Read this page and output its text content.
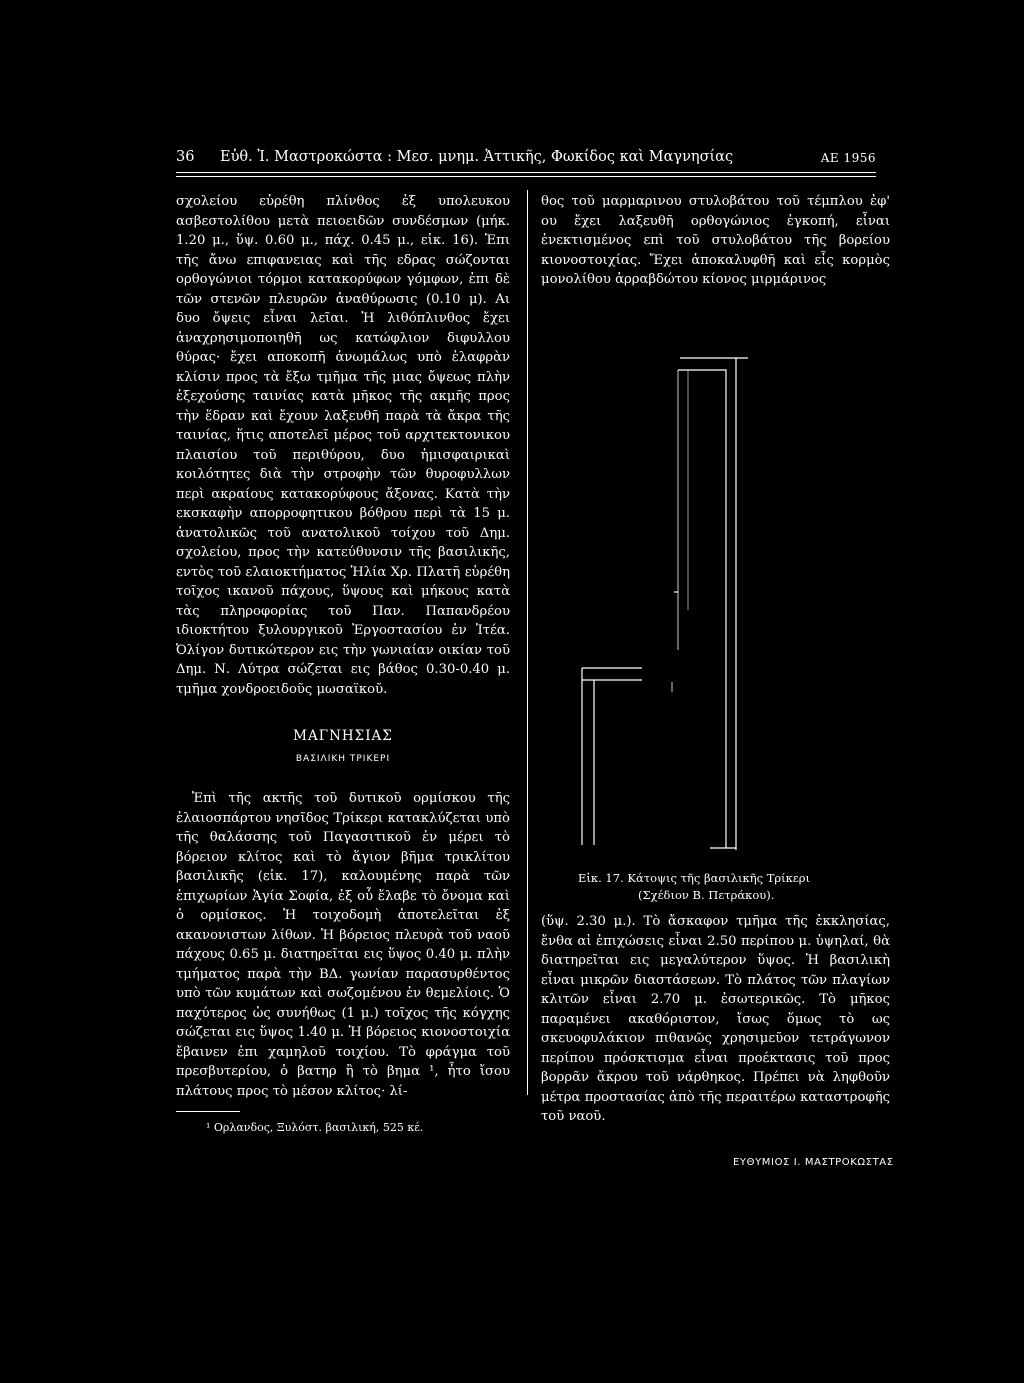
36 Εὐθ. Ἰ. Μαστροκώστα : Μεσ. μνημ. Ἀττικῆς, Φωκίδος καὶ Μαγνησίας	ΑΕ 1956

σχολείου εὑρέθη πλίνθος ἐξ υπολευκου ασβεστολίθου μετὰ πειοειδῶν συνδέσμων (μήκ. 1.20 μ., ὕψ. 0.60 μ., πάχ. 0.45 μ., εἰκ. 16). Ἐπι τῆς ἄνω επιφανειας καὶ τῆς εδρας σώζονται ορθογώνιοι τόρμοι κατακορύφων γόμφων, ἐπι δὲ τῶν στενῶν πλευρῶν ἀναθύρωσις (0.10 μ). Αι δυο ὄψεις εἶναι λεῖαι. Ἡ λιθόπλινθος ἔχει ἀναχρησιμοποιηθῆ ως κατώφλιον διφυλλου θύρας· ἔχει αποκοπῆ ἀνωμάλως υπὸ ἐλαφρὰν κλίσιν προς τὰ ἔξω τμῆμα τῆς μιας ὄψεως πλὴν ἐξεχούσης ταινίας κατὰ μῆκος τῆς ακμῆς προς τὴν ἕδραν καὶ ἔχουν λαξευθῆ παρὰ τὰ ἄκρα τῆς ταινίας, ἥτις αποτελεῖ μέρος τοῦ αρχιτεκτονικου πλαισίου τοῦ περιθύρου, δυο ἡμισφαιρικαὶ κοιλότητες διὰ τὴν στροφὴν τῶν θυροφυλλων περὶ ακραίους κατακορύφους ἄξονας. Κατὰ τὴν εκσκαφὴν απορροφητικου βόθρου περὶ τὰ 15 μ. ἀνατολικῶς τοῦ ανατολικοῦ τοίχου τοῦ Δημ. σχολείου, προς τὴν κατεύθυνσιν τῆς βασιλικῆς, εντὸς τοῦ ελαιοκτήματος Ἠλία Χρ. Πλατῆ εὑρέθη τοῖχος ικανοῦ πάχους, ὕψους καὶ μήκους κατὰ τὰς πληροφορίας τοῦ Παν. Παπανδρέου ιδιοκτήτου ξυλουργικοῦ Ἐργοστασίου ἐν Ἰτέα. Ὀλίγον δυτικώτερον εις τὴν γωνιαίαν οικίαν τοῦ Δημ. Ν. Λύτρα σώζεται εις βάθος 0.30-0.40 μ. τμῆμα χονδροειδοῦς μωσαϊκοῦ.

ΜΑΓΝΗΣΙΑΣ
ΒΑΣΙΛΙΚΗ ΤΡΙΚΕΡΙ

Ἐπὶ τῆς ακτῆς τοῦ δυτικοῦ ορμίσκου τῆς ἐλαιοσπάρτου νησῖδος Τρίκερι κατακλύζεται υπὸ τῆς θαλάσσης τοῦ Παγασιτικοῦ ἐν μέρει τὸ βόρειον κλίτος καὶ τὸ ἅγιον βῆμα τρικλίτου βασιλικῆς (εἰκ. 17), καλουμένης παρὰ τῶν ἐπιχωρίων Ἁγία Σοφία, ἐξ οὗ ἔλαβε τὸ ὄνομα καὶ ὁ ορμίσκος. Ἡ τοιχοδομὴ ἀποτελεῖται ἐξ ακανονιστων λίθων. Ἡ βόρειος πλευρὰ τοῦ ναοῦ πάχους 0.65 μ. διατηρεῖται εις ὕψος 0.40 μ. πλὴν τμήματος παρὰ τὴν ΒΔ. γωνίαν παρασυρθέντος υπὸ τῶν κυμάτων καὶ σωζομένου ἐν θεμελίοις. Ὁ παχύτερος ὡς συνήθως (1 μ.) τοῖχος τῆς κόγχης σώζεται εις ὕψος 1.40 μ. Ἡ βόρειος κιονοστοιχία ἔβαινεν ἐπι χαμηλοῦ τοιχίου. Τὸ φράγμα τοῦ πρεσβυτερίου, ὁ βατηρ ἢ τὸ βημα ¹, ἦτο ἴσου πλάτους προς τὸ μέσον κλίτος· λί-

¹ Ορλανδος, Ξυλόστ. βασιλική, 525 κέ.

θος τοῦ μαρμαρινου στυλοβάτου τοῦ τέμπλου ἐφ' ου ἔχει λαξευθῆ ορθογώνιος ἐγκοπή, εἶναι ἐνεκτισμένος επὶ τοῦ στυλοβάτου τῆς βορείου κιονοστοιχίας. Ἔχει ἀποκαλυφθῆ καὶ εἷς κορμὸς μονολίθου ἀρραβδώτου κίονος μιρμάρινος

Εἰκ. 17. Κάτοψις τῆς βασιλικῆς Τρίκερι
(Σχέδιον Β. Πετράκου).

(ὕψ. 2.30 μ.). Τὸ ἄσκαφον τμῆμα τῆς ἐκκλησίας, ἔνθα αἱ ἐπιχώσεις εἶναι 2.50 περίπου μ. ὑψηλαί, θὰ διατηρεῖται εις μεγαλύτερον ὕψος. Ἡ βασιλικὴ εἶναι μικρῶν διαστάσεων. Τὸ πλάτος τῶν πλαγίων κλιτῶν εἶναι 2.70 μ. ἐσωτερικῶς. Τὸ μῆκος παραμένει ακαθόριστον, ἴσως ὅμως τὸ ως σκευοφυλάκιον πιθανῶς χρησιμεῦον τετράγωνον περίπου πρόσκτισμα εἶναι προέκτασις τοῦ προς βορρᾶν ἄκρου τοῦ νάρθηκος. Πρέπει νὰ ληφθοῦν μέτρα προστασίας ἀπὸ τῆς περαιτέρω καταστροφῆς τοῦ ναοῦ.

ΕΥΘΥΜΙΟΣ Ι. ΜΑΣΤΡΟΚΩΣΤΑΣ
